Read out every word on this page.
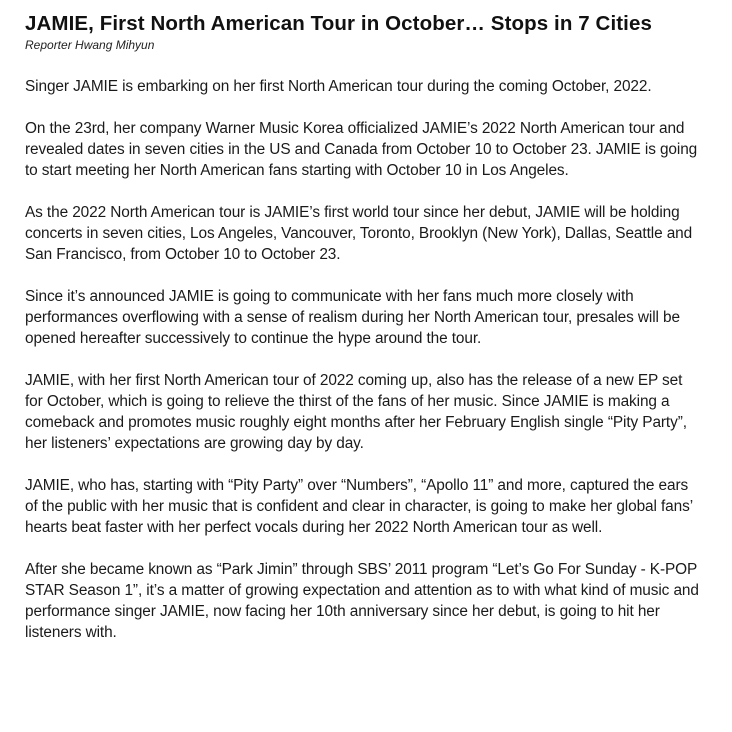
JAMIE, First North American Tour in October… Stops in 7 Cities

Reporter Hwang Mihyun

Singer JAMIE is embarking on her first North American tour during the coming October, 2022.

On the 23rd, her company Warner Music Korea officialized JAMIE’s 2022 North American tour and revealed dates in seven cities in the US and Canada from October 10 to October 23. JAMIE is going to start meeting her North American fans starting with October 10 in Los Angeles.

As the 2022 North American tour is JAMIE’s first world tour since her debut, JAMIE will be holding concerts in seven cities, Los Angeles, Vancouver, Toronto, Brooklyn (New York), Dallas, Seattle and San Francisco, from October 10 to October 23.

Since it’s announced JAMIE is going to communicate with her fans much more closely with performances overflowing with a sense of realism during her North American tour, presales will be opened hereafter successively to continue the hype around the tour.

JAMIE, with her first North American tour of 2022 coming up, also has the release of a new EP set for October, which is going to relieve the thirst of the fans of her music. Since JAMIE is making a comeback and promotes music roughly eight months after her February English single “Pity Party”, her listeners’ expectations are growing day by day.

JAMIE, who has, starting with “Pity Party” over “Numbers”, “Apollo 11” and more, captured the ears of the public with her music that is confident and clear in character, is going to make her global fans’ hearts beat faster with her perfect vocals during her 2022 North American tour as well.

After she became known as “Park Jimin” through SBS’ 2011 program “Let’s Go For Sunday - K-POP STAR Season 1”, it’s a matter of growing expectation and attention as to with what kind of music and performance singer JAMIE, now facing her 10th anniversary since her debut, is going to hit her listeners with.
